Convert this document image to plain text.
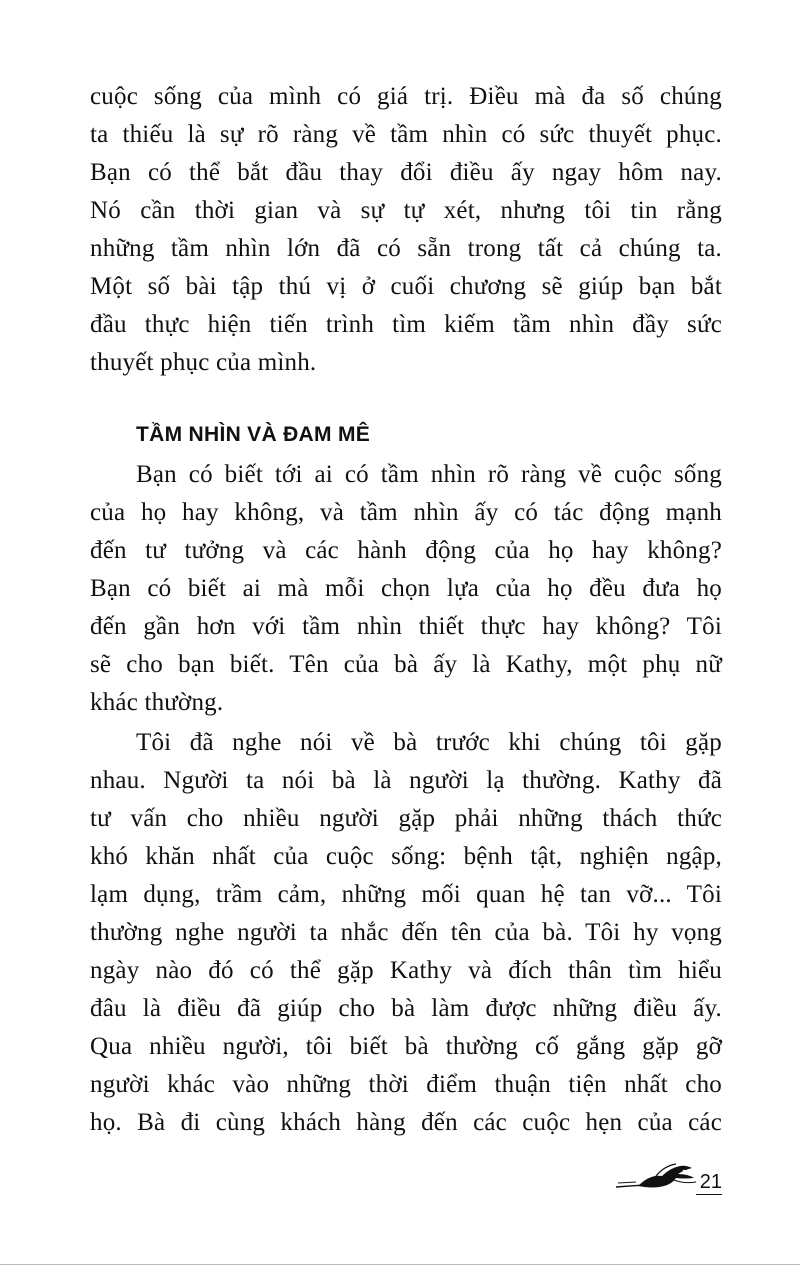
cuộc sống của mình có giá trị. Điều mà đa số chúng
ta thiếu là sự rõ ràng về tầm nhìn có sức thuyết phục.
Bạn có thể bắt đầu thay đổi điều ấy ngay hôm nay.
Nó cần thời gian và sự tự xét, nhưng tôi tin rằng
những tầm nhìn lớn đã có sẵn trong tất cả chúng ta.
Một số bài tập thú vị ở cuối chương sẽ giúp bạn bắt
đầu thực hiện tiến trình tìm kiếm tầm nhìn đầy sức
thuyết phục của mình.
TẦM NHÌN VÀ ĐAM MÊ
Bạn có biết tới ai có tầm nhìn rõ ràng về cuộc sống
của họ hay không, và tầm nhìn ấy có tác động mạnh
đến tư tưởng và các hành động của họ hay không?
Bạn có biết ai mà mỗi chọn lựa của họ đều đưa họ
đến gần hơn với tầm nhìn thiết thực hay không? Tôi
sẽ cho bạn biết. Tên của bà ấy là Kathy, một phụ nữ
khác thường.
Tôi đã nghe nói về bà trước khi chúng tôi gặp
nhau. Người ta nói bà là người lạ thường. Kathy đã
tư vấn cho nhiều người gặp phải những thách thức
khó khăn nhất của cuộc sống: bệnh tật, nghiện ngập,
lạm dụng, trầm cảm, những mối quan hệ tan vỡ... Tôi
thường nghe người ta nhắc đến tên của bà. Tôi hy vọng
ngày nào đó có thể gặp Kathy và đích thân tìm hiểu
đâu là điều đã giúp cho bà làm được những điều ấy.
Qua nhiều người, tôi biết bà thường cố gắng gặp gỡ
người khác vào những thời điểm thuận tiện nhất cho
họ. Bà đi cùng khách hàng đến các cuộc hẹn của các
21
